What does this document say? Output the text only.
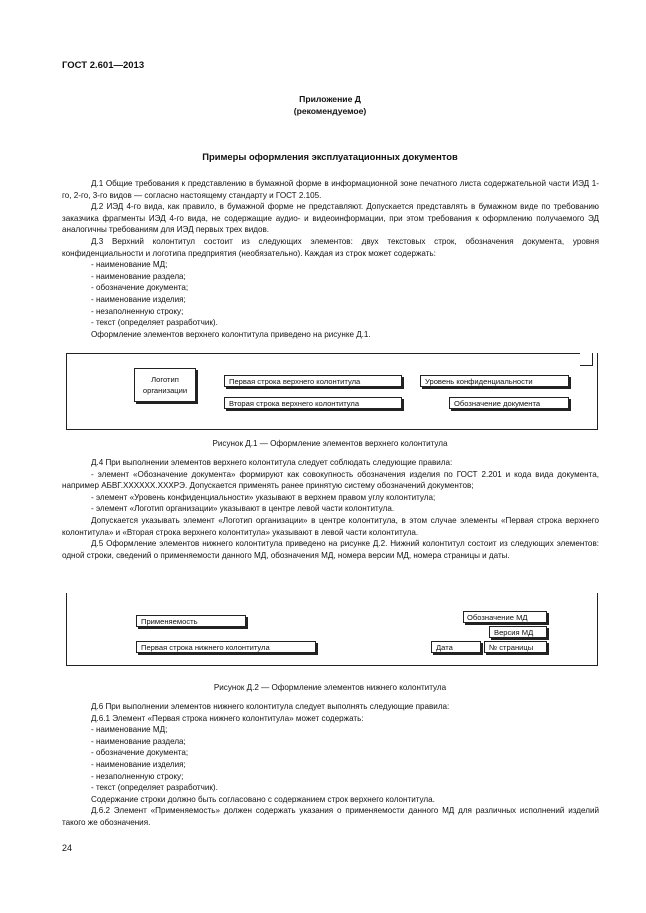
ГОСТ 2.601—2013
Приложение Д
(рекомендуемое)
Примеры оформления эксплуатационных документов

Д.1 Общие требования к представлению в бумажной форме в информационной зоне печатного листа содержательной части ИЭД 1-го, 2-го, 3-го видов — согласно настоящему стандарту и ГОСТ 2.105.

Д.2 ИЭД 4-го вида, как правило, в бумажной форме не представляют. Допускается представлять в бумажном виде по требованию заказчика фрагменты ИЭД 4-го вида, не содержащие аудио- и видеоинформации, при этом требования к оформлению получаемого ЭД аналогичны требованиям для ИЭД первых трех видов.

Д.3 Верхний колонтитул состоит из следующих элементов: двух текстовых строк, обозначения документа, уровня конфиденциальности и логотипа предприятия (необязательно). Каждая из строк может содержать:

- наименование МД;

- наименование раздела;

- обозначение документа;

- наименование изделия;

- незаполненную строку;

- текст (определяет разработчик).

Оформление элементов верхнего колонтитула приведено на рисунке Д.1.

Логотип организации
Первая строка верхнего колонтитула
Вторая строка верхнего колонтитула
Уровень конфиденциальности
Обозначение документа
Рисунок Д.1 — Оформление элементов верхнего колонтитула

Д.4 При выполнении элементов верхнего колонтитула следует соблюдать следующие правила:

- элемент «Обозначение документа» формируют как совокупность обозначения изделия по ГОСТ 2.201 и кода вида документа, например АБВГ.XXXXXX.XXXРЭ. Допускается применять ранее принятую систему обозначений документов;

- элемент «Уровень конфиденциальности» указывают в верхнем правом углу колонтитула;

- элемент «Логотип организации» указывают в центре левой части колонтитула.

Допускается указывать элемент «Логотип организации» в центре колонтитула, в этом случае элементы «Первая строка верхнего колонтитула» и «Вторая строка верхнего колонтитула» указывают в левой части колонтитула.

Д.5 Оформление элементов нижнего колонтитула приведено на рисунке Д.2. Нижний колонтитул состоит из следующих элементов: одной строки, сведений о применяемости данного МД, обозначения МД, номера версии МД, номера страницы и даты.

Применяемость
Первая строка нижнего колонтитула
Обозначение МД
Версия МД
Дата	№ страницы
Рисунок Д.2 — Оформление элементов нижнего колонтитула

Д.6 При выполнении элементов нижнего колонтитула следует выполнять следующие правила:

Д.6.1 Элемент «Первая строка нижнего колонтитула» может содержать:

- наименование МД;

- наименование раздела;

- обозначение документа;

- наименование изделия;

- незаполненную строку;

- текст (определяет разработчик).

Содержание строки должно быть согласовано с содержанием строк верхнего колонтитула.

Д.6.2 Элемент «Применяемость» должен содержать указания о применяемости данного МД для различных исполнений изделий такого же обозначения.

24
